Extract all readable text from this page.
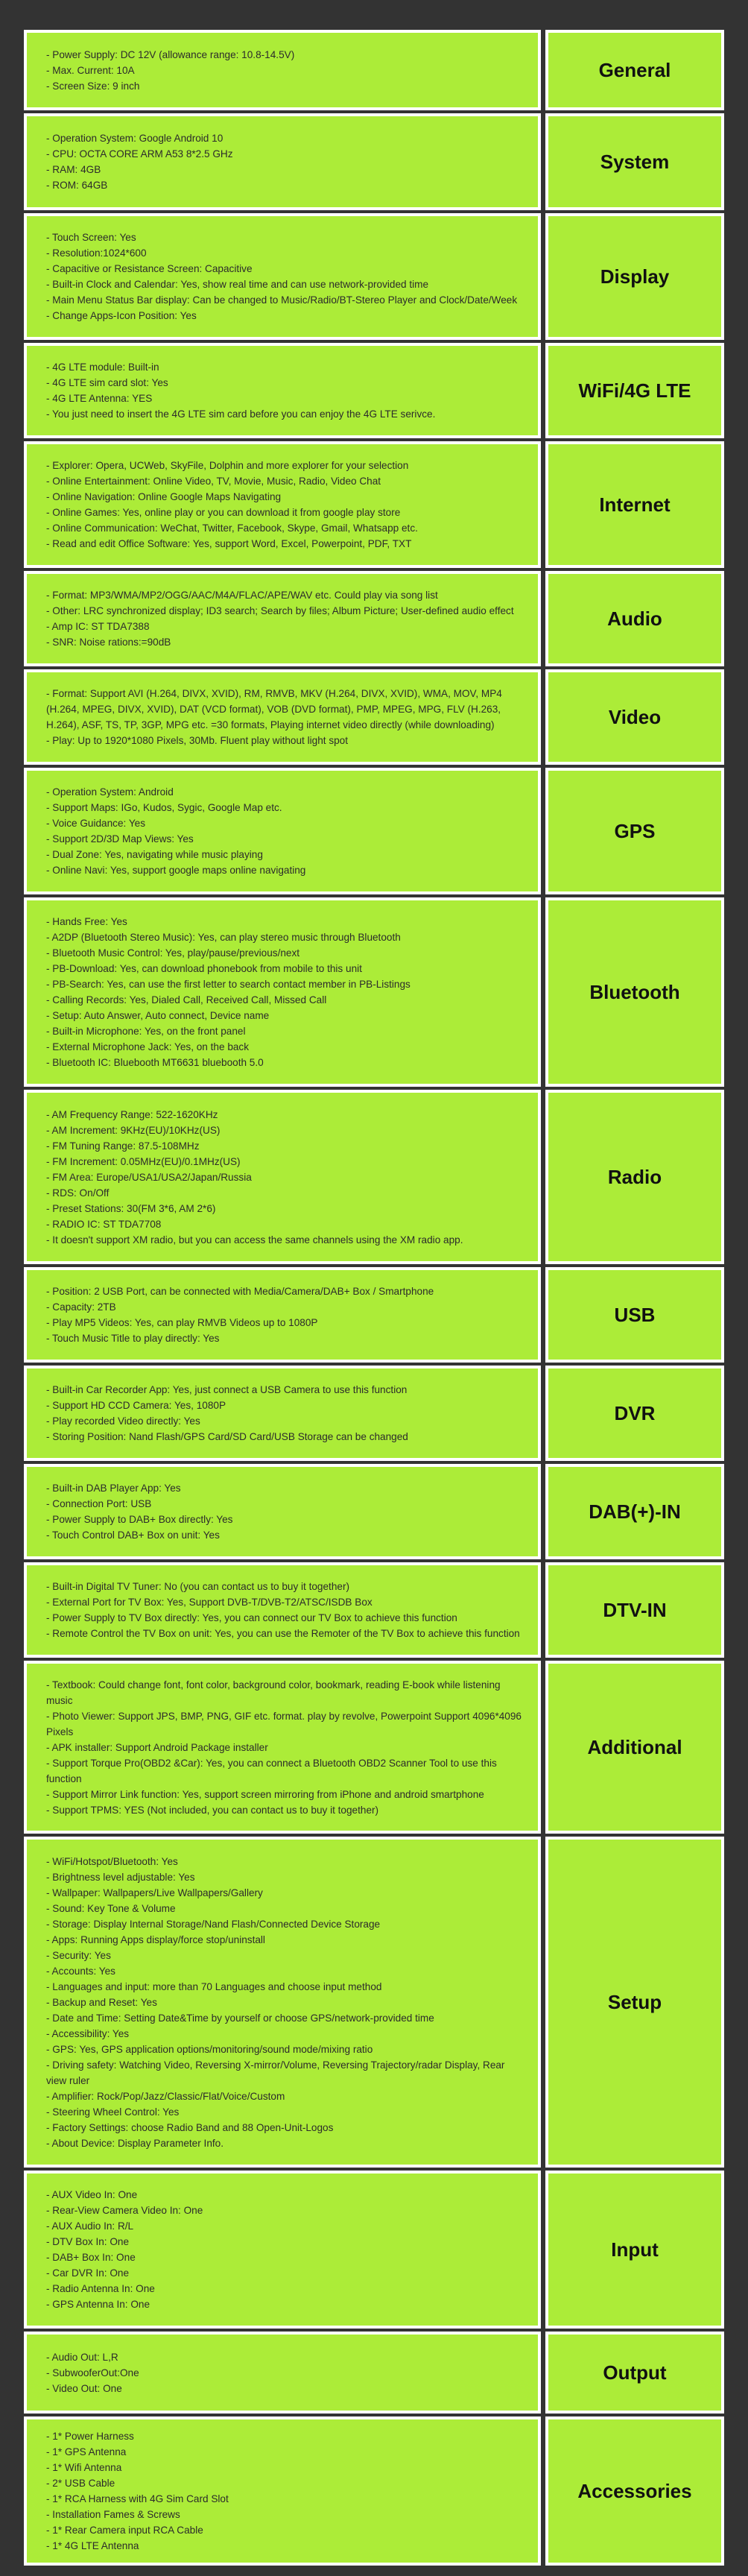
- Power Supply: DC 12V (allowance range: 10.8-14.5V)
- Max. Current: 10A
- Screen Size: 9 inch
General
- Operation System: Google Android 10
- CPU: OCTA CORE ARM A53 8*2.5 GHz
- RAM: 4GB
- ROM: 64GB
System
- Touch Screen: Yes
- Resolution:1024*600
- Capacitive or Resistance Screen: Capacitive
- Built-in Clock and Calendar: Yes, show real time and can use network-provided time
- Main Menu Status Bar display: Can be changed to Music/Radio/BT-Stereo Player and Clock/Date/Week
- Change Apps-Icon Position: Yes
Display
- 4G LTE module: Built-in
- 4G LTE sim card slot: Yes
- 4G LTE Antenna: YES
- You just need to insert the 4G LTE sim card before you can enjoy the 4G LTE serivce.
WiFi/4G LTE
- Explorer: Opera, UCWeb, SkyFile, Dolphin and more explorer for your selection
- Online Entertainment: Online Video, TV, Movie, Music, Radio, Video Chat
- Online Navigation: Online Google Maps Navigating
- Online Games: Yes, online play or you can download it from google play store
- Online Communication: WeChat, Twitter, Facebook, Skype, Gmail, Whatsapp etc.
- Read and edit Office Software: Yes, support Word, Excel, Powerpoint, PDF, TXT
Internet
- Format: MP3/WMA/MP2/OGG/AAC/M4A/FLAC/APE/WAV etc. Could play via song list
- Other: LRC synchronized display; ID3 search; Search by files; Album Picture; User-defined audio effect
- Amp IC: ST TDA7388
- SNR: Noise rations:=90dB
Audio
- Format: Support AVI (H.264, DIVX, XVID), RM, RMVB, MKV (H.264, DIVX, XVID), WMA, MOV, MP4 (H.264, MPEG, DIVX, XVID), DAT (VCD format), VOB (DVD format), PMP, MPEG, MPG, FLV (H.263, H.264), ASF, TS, TP, 3GP, MPG etc. =30 formats, Playing internet video directly (while downloading)
- Play: Up to 1920*1080 Pixels, 30Mb. Fluent play without light spot
Video
- Operation System: Android
- Support Maps: IGo, Kudos, Sygic, Google Map etc.
- Voice Guidance: Yes
- Support 2D/3D Map Views: Yes
- Dual Zone: Yes, navigating while music playing
- Online Navi: Yes, support google maps online navigating
GPS
- Hands Free: Yes
- A2DP (Bluetooth Stereo Music): Yes, can play stereo music through Bluetooth
- Bluetooth Music Control: Yes, play/pause/previous/next
- PB-Download: Yes, can download phonebook from mobile to this unit
- PB-Search: Yes, can use the first letter to search contact member in PB-Listings
- Calling Records: Yes, Dialed Call, Received Call, Missed Call
- Setup: Auto Answer, Auto connect, Device name
- Built-in Microphone: Yes, on the front panel
- External Microphone Jack: Yes, on the back
- Bluetooth IC: Bluebooth MT6631 bluebooth 5.0
Bluetooth
- AM Frequency Range: 522-1620KHz
- AM Increment: 9KHz(EU)/10KHz(US)
- FM Tuning Range: 87.5-108MHz
- FM Increment: 0.05MHz(EU)/0.1MHz(US)
- FM Area: Europe/USA1/USA2/Japan/Russia
- RDS: On/Off
- Preset Stations: 30(FM 3*6, AM 2*6)
- RADIO IC: ST TDA7708
- It doesn't support XM radio, but you can access the same channels using the XM radio app.
Radio
- Position: 2 USB Port, can be connected with Media/Camera/DAB+ Box / Smartphone
- Capacity: 2TB
- Play MP5 Videos: Yes, can play RMVB Videos up to 1080P
- Touch Music Title to play directly: Yes
USB
- Built-in Car Recorder App: Yes, just connect a USB Camera to use this function
- Support HD CCD Camera: Yes, 1080P
- Play recorded Video directly: Yes
- Storing Position: Nand Flash/GPS Card/SD Card/USB Storage can be changed
DVR
- Built-in DAB Player App: Yes
- Connection Port: USB
- Power Supply to DAB+ Box directly: Yes
- Touch Control DAB+ Box on unit: Yes
DAB(+)-IN
- Built-in Digital TV Tuner: No (you can contact us to buy it together)
- External Port for TV Box: Yes, Support DVB-T/DVB-T2/ATSC/ISDB Box
- Power Supply to TV Box directly: Yes, you can connect our TV Box to achieve this function
- Remote Control the TV Box on unit: Yes, you can use the Remoter of the TV Box to achieve this function
DTV-IN
- Textbook: Could change font, font color, background color, bookmark, reading E-book while listening music
- Photo Viewer: Support JPS, BMP, PNG, GIF etc. format. play by revolve, Powerpoint Support 4096*4096 Pixels
- APK installer: Support Android Package installer
- Support Torque Pro(OBD2 &Car): Yes, you can connect a Bluetooth OBD2 Scanner Tool to use this function
- Support Mirror Link function: Yes, support screen mirroring from iPhone and android smartphone
- Support TPMS: YES (Not included, you can contact us to buy it together)
Additional
- WiFi/Hotspot/Bluetooth: Yes
- Brightness level adjustable: Yes
- Wallpaper: Wallpapers/Live Wallpapers/Gallery
- Sound: Key Tone & Volume
- Storage: Display Internal Storage/Nand Flash/Connected Device Storage
- Apps: Running Apps display/force stop/uninstall
- Security: Yes
- Accounts: Yes
- Languages and input: more than 70 Languages and choose input method
- Backup and Reset: Yes
- Date and Time: Setting Date&Time by yourself or choose GPS/network-provided time
- Accessibility: Yes
- GPS: Yes, GPS application options/monitoring/sound mode/mixing ratio
- Driving safety: Watching Video, Reversing X-mirror/Volume, Reversing Trajectory/radar Display, Rear view ruler
- Amplifier: Rock/Pop/Jazz/Classic/Flat/Voice/Custom
- Steering Wheel Control: Yes
- Factory Settings: choose Radio Band and 88 Open-Unit-Logos
- About Device: Display Parameter Info.
Setup
- AUX Video In: One
- Rear-View Camera Video In: One
- AUX Audio In: R/L
- DTV Box In: One
- DAB+ Box In: One
- Car DVR In: One
- Radio Antenna In: One
- GPS Antenna In: One
Input
- Audio Out: L,R
- SubwooferOut:One
- Video Out: One
Output
- 1* Power Harness
- 1* GPS Antenna
- 1* Wifi Antenna
- 2* USB Cable
- 1* RCA Harness with 4G Sim Card Slot
- Installation Fames & Screws
- 1* Rear Camera input RCA Cable
- 1* 4G LTE Antenna
Accessories
